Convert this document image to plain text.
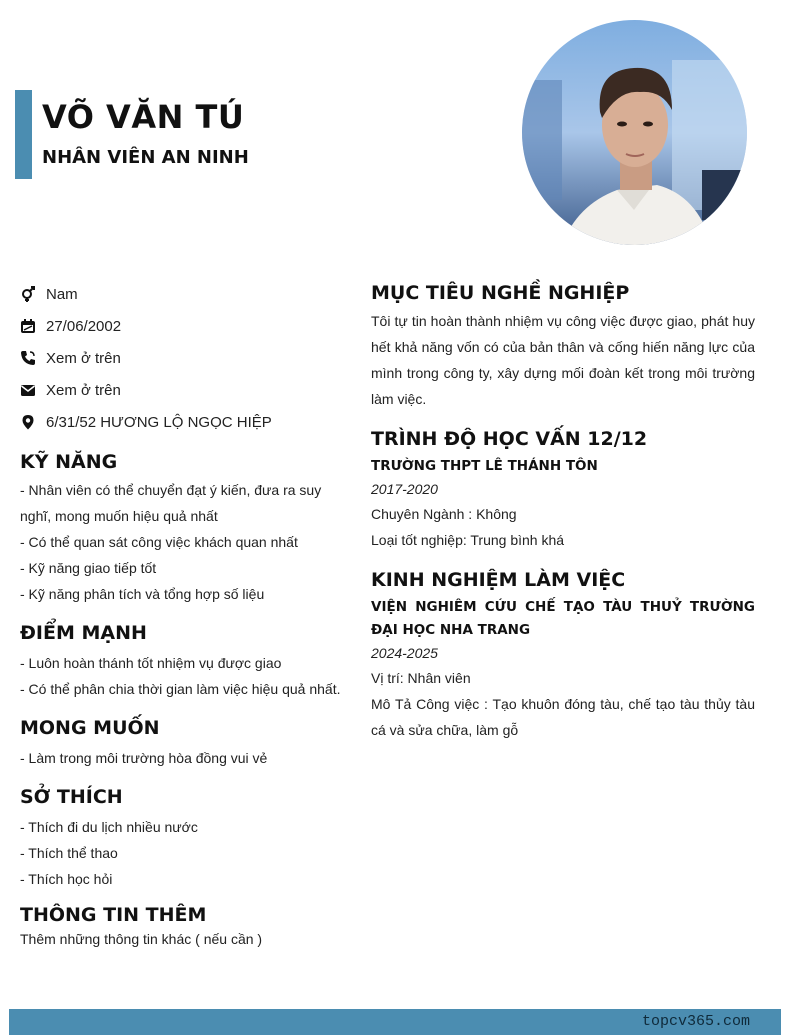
VÕ VĂN TÚ
NHÂN VIÊN AN NINH
Nam
27/06/2002
Xem ở trên
Xem ở trên
6/31/52 HƯƠNG LỘ NGỌC HIỆP
KỸ NĂNG
- Nhân viên có thể chuyển đạt ý kiến, đưa ra suy nghĩ, mong muốn hiệu quả nhất
- Có thể quan sát công việc khách quan nhất
- Kỹ năng giao tiếp tốt
- Kỹ năng phân tích và tổng hợp số liệu
ĐIỂM MẠNH
- Luôn hoàn thánh tốt nhiệm vụ được giao
- Có thể phân chia thời gian làm việc hiệu quả nhất.
MONG MUỐN
- Làm trong môi trường hòa đồng vui vẻ
SỞ THÍCH
- Thích đi du lịch nhiều nước
- Thích thể thao
- Thích học hỏi
THÔNG TIN THÊM
Thêm những thông tin khác ( nếu cần )
MỤC TIÊU NGHỀ NGHIỆP
Tôi tự tin hoàn thành nhiệm vụ công việc được giao, phát huy hết khả năng vốn có của bản thân và cống hiến năng lực của mình trong công ty, xây dựng mối đoàn kết trong môi trường làm việc.
TRÌNH ĐỘ HỌC VẤN 12/12
TRƯỜNG THPT LÊ THÁNH TÔN
2017-2020
Chuyên Ngành : Không
Loại tốt nghiệp: Trung bình khá
KINH NGHIỆM LÀM VIỆC
VIỆN NGHIÊM CỨU CHẾ TẠO TÀU THUỶ TRƯỜNG ĐẠI HỌC NHA TRANG
2024-2025
Vị trí: Nhân viên
Mô Tả Công việc : Tạo khuôn đóng tàu, chế tạo tàu thủy tàu cá và sửa chữa, làm gỗ
topcv365.com
